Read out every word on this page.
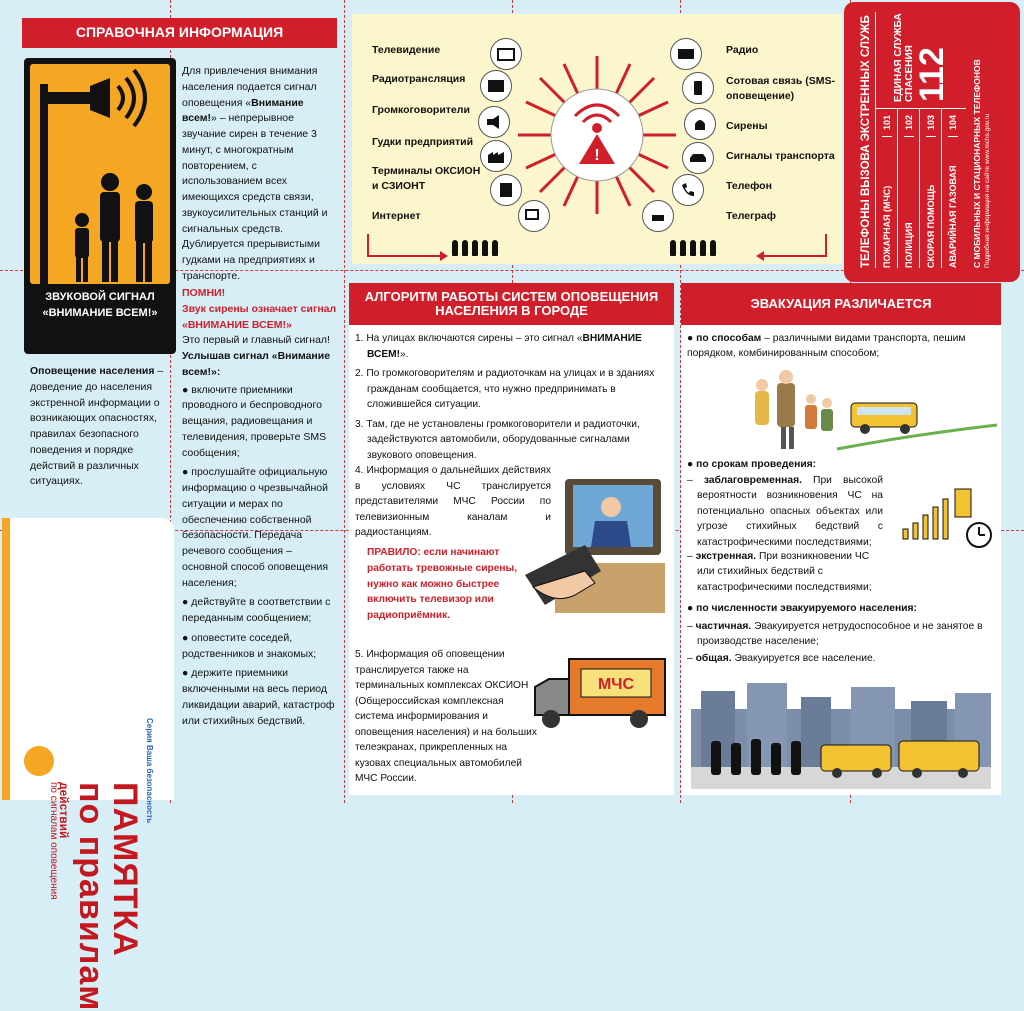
СПРАВОЧНАЯ ИНФОРМАЦИЯ
ЗВУКОВОЙ СИГНАЛ «ВНИМАНИЕ ВСЕМ!»
Для привлечения внимания населения подается сигнал оповещения «Внимание всем!» – непрерывное звучание сирен в течение 3 минут, с многократным повторением, с использованием всех имеющихся средств связи, звукоусилительных станций и сигнальных средств. Дублируется прерывистыми гудками на предприятиях и транспорте.
Оповещение населения – доведение до населения экстренной информации о возникающих опасностях, правилах безопасного поведения и порядке действий в различных ситуациях.
ПОМНИ!
Звук сирены означает сигнал «ВНИМАНИЕ ВСЕМ!»
Это первый и главный сигнал!
Услышав сигнал «Внимание всем!»:
● включите приемники проводного и беспроводного вещания, радиовещания и телевидения, проверьте SMS сообщения;
● прослушайте официальную информацию о чрезвычайной ситуации и мерах по обеспечению собственной безопасности. Передача речевого сообщения – основной способ оповещения населения;
● действуйте в соответствии с переданным сообщением;
● оповестите соседей, родственников и знакомых;
● держите приемники включенными на весь период ликвидации аварий, катастроф или стихийных бедствий.
ПАМЯТКА
по правилам
действий
по сигналам оповещения
Серия Ваша безопасность
Телевидение
Радиотрансляция
Громкоговорители
Гудки предприятий
Терминалы ОКСИОН и СЗИОНТ
Интернет
Радио
Сотовая связь (SMS-оповещение)
Сирены
Сигналы транспорта
Телефон
Телеграф
!	ТЕЛЕФОНЫ ВЫЗОВА ЭКСТРЕННЫХ СЛУЖБ	ПОЖАРНАЯ (МЧС)
101
ПОЛИЦИЯ
102
СКОРАЯ ПОМОЩЬ
103
АВАРИЙНАЯ ГАЗОВАЯ
104
ЕДИНАЯ СЛУЖБА СПАСЕНИЯ
112 С МОБИЛЬНЫХ И СТАЦИОНАРНЫХ ТЕЛЕФОНОВ Подробная информация на сайте www.mchs.gov.ru
АЛГОРИТМ РАБОТЫ СИСТЕМ ОПОВЕЩЕНИЯ НАСЕЛЕНИЯ В ГОРОДЕ
1. На улицах включаются сирены – это сигнал «ВНИМАНИЕ ВСЕМ!».
2. По громкоговорителям и радиоточкам на улицах и в зданиях гражданам сообщается, что нужно предпринимать в сложившейся ситуации.
3. Там, где не установлены громкоговорители и радиоточки, задействуются автомобили, оборудованные сигналами звукового оповещения.
4. Информация о дальнейших действиях в условиях ЧС транслируется представителями МЧС России по телевизионным каналам и радиостанциям.
ПРАВИЛО: если начинают работать тревожные сирены, нужно как можно быстрее включить телевизор или радиоприёмник.
5. Информация об оповещении транслируется также на терминальных комплексах ОКСИОН (Общероссийская комплексная система информирования и оповещения населения) и на больших телеэкранах, прикрепленных на кузовах специальных автомобилей МЧС России.
МЧС
ЭВАКУАЦИЯ РАЗЛИЧАЕТСЯ
● по способам – различными видами транспорта, пешим порядком, комбинированным способом;
● по срокам проведения:
– заблаговременная. При высокой вероятности возникновения ЧС на потенциально опасных объектах или угрозе стихийных бедствий с катастрофическими последствиями;
– экстренная. При возникновении ЧС или стихийных бедствий с катастрофическими последствиями;
● по численности эвакуируемого населения:
– частичная. Эвакуируется нетрудоспособное и не занятое в производстве население;
– общая. Эвакуируется все население.
